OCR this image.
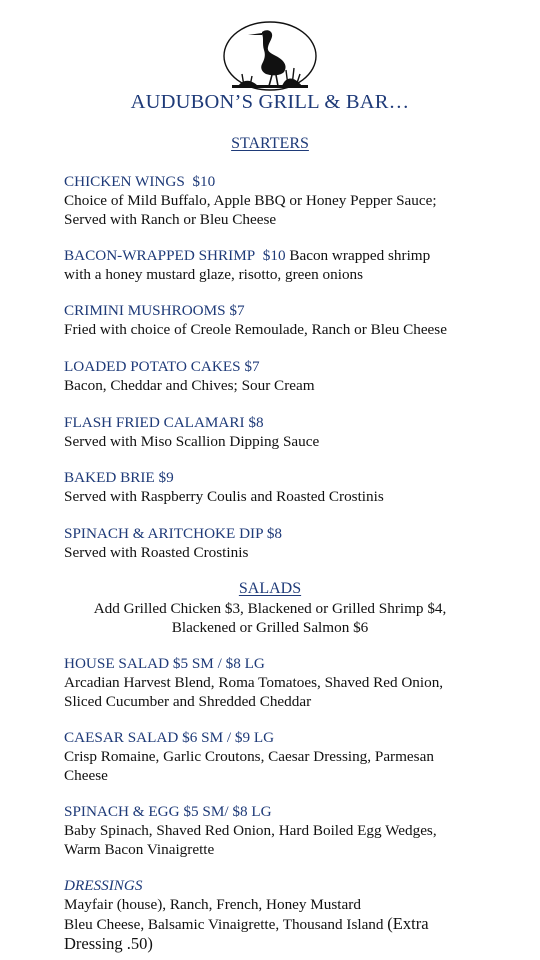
AUDUBON’S GRILL & BAR…
STARTERS
CHICKEN WINGS $10
Choice of Mild Buffalo, Apple BBQ or Honey Pepper Sauce;
Served with Ranch or Bleu Cheese
BACON-WRAPPED SHRIMP $10 Bacon wrapped shrimp
with a honey mustard glaze, risotto, green onions
CRIMINI MUSHROOMS $7
Fried with choice of Creole Remoulade, Ranch or Bleu Cheese
LOADED POTATO CAKES $7
Bacon, Cheddar and Chives; Sour Cream
FLASH FRIED CALAMARI $8
Served with Miso Scallion Dipping Sauce
BAKED BRIE $9
Served with Raspberry Coulis and Roasted Crostinis
SPINACH & ARITCHOKE DIP $8
Served with Roasted Crostinis
SALADS
Add Grilled Chicken $3, Blackened or Grilled Shrimp $4,
Blackened or Grilled Salmon $6
HOUSE SALAD $5 SM / $8 LG
Arcadian Harvest Blend, Roma Tomatoes, Shaved Red Onion,
Sliced Cucumber and Shredded Cheddar
CAESAR SALAD $6 SM / $9 LG
Crisp Romaine, Garlic Croutons, Caesar Dressing, Parmesan
Cheese
SPINACH & EGG $5 SM/ $8 LG
Baby Spinach, Shaved Red Onion, Hard Boiled Egg Wedges,
Warm Bacon Vinaigrette
DRESSINGS
Mayfair (house), Ranch, French, Honey Mustard
Bleu Cheese, Balsamic Vinaigrette, Thousand Island (Extra
Dressing .50)
